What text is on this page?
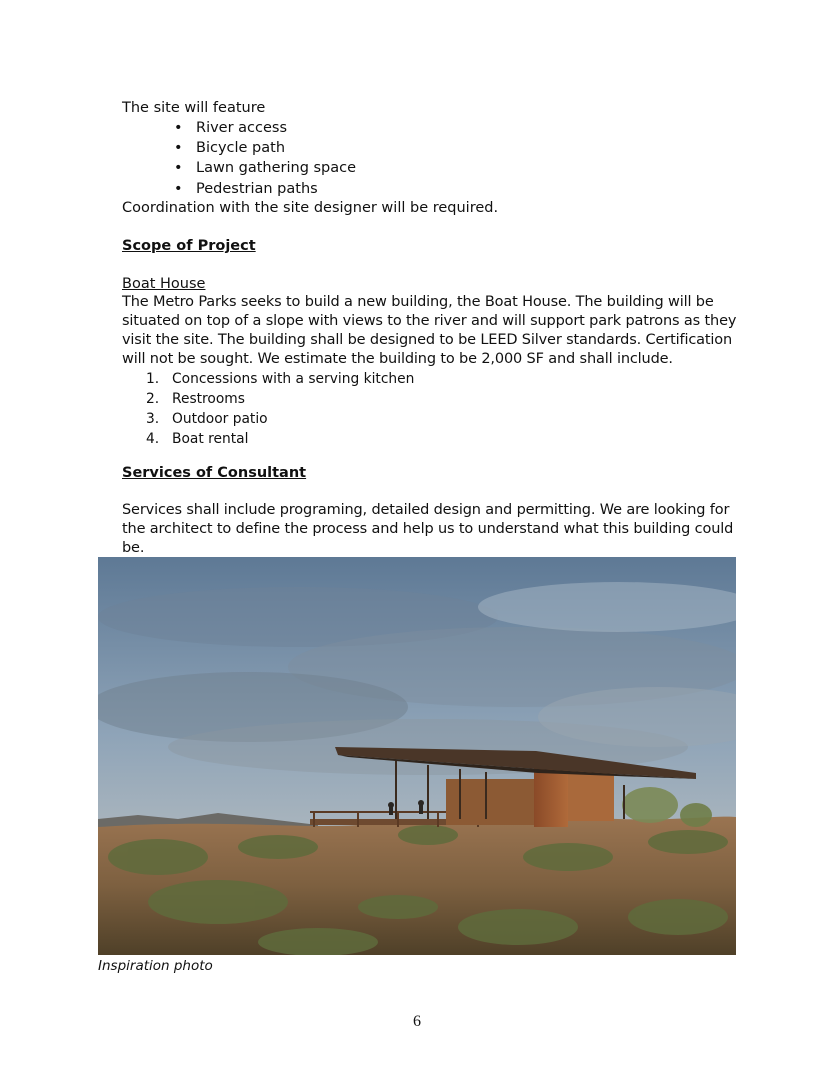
The site will feature
• River access
• Bicycle path
• Lawn gathering space
• Pedestrian paths
Coordination with the site designer will be required.
Scope of Project
Boat House
The Metro Parks seeks to build a new building, the Boat House. The building will be situated on top of a slope with views to the river and will support park patrons as they visit the site. The building shall be designed to be LEED Silver standards. Certification will not be sought. We estimate the building to be 2,000 SF and shall include.
1. Concessions with a serving kitchen
2. Restrooms
3. Outdoor patio
4. Boat rental
Services of Consultant
Services shall include programing, detailed design and permitting. We are looking for the architect to define the process and help us to understand what this building could be.
Inspiration photo
6
